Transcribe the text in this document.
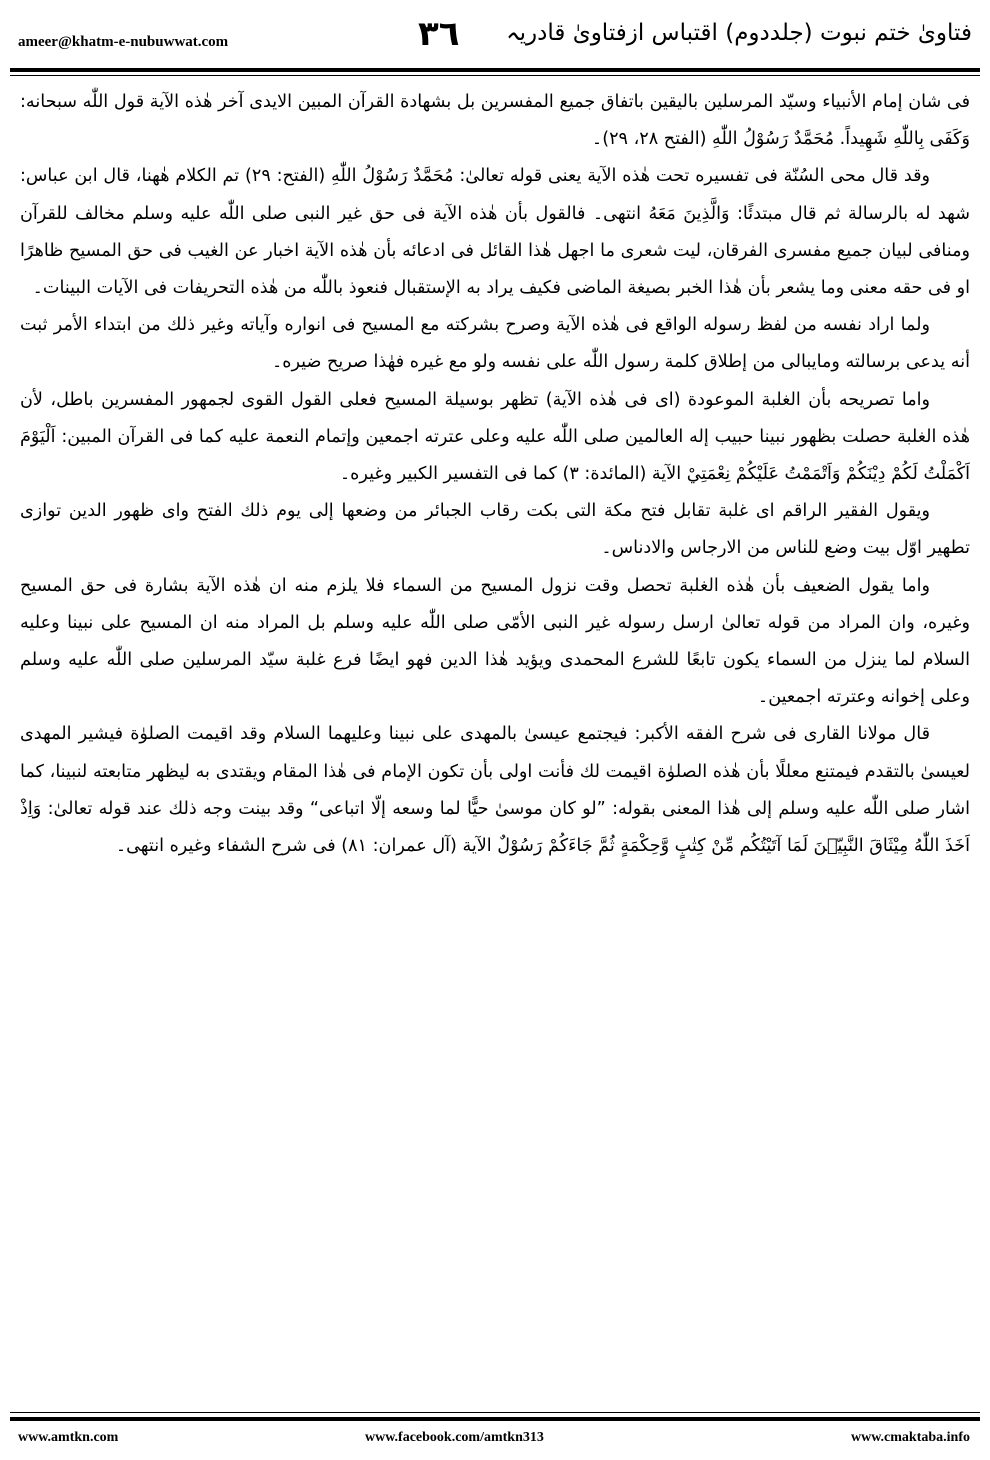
ameer@khatm-e-nubuwwat.com	٣٦ فتاویٰ ختم نبوت (جلددوم) اقتباس ازفتاویٰ قادریہ

فی شان إمام الأنبياء وسيّد المرسلين باليقين باتفاق جميع المفسرين بل بشهادة القرآن المبين الايدى آخر هٰذه الآية قول اللّٰه سبحانه: وَكَفَى بِاللّٰهِ شَهِيداً. مُحَمَّدٌ رَسُوْلُ اللّٰهِ (الفتح ٢٨، ٢٩)۔

وقد قال محى السُنّة فى تفسيره تحت هٰذه الآية يعنى قوله تعالىٰ: مُحَمَّدٌ رَسُوْلُ اللّٰهِ (الفتح: ٢٩) تم الكلام هٰهنا، قال ابن عباس: شهد له بالرسالة ثم قال مبتدئًا: وَالَّذِينَ مَعَهُ انتهى۔ فالقول بأن هٰذه الآية فى حق غير النبى صلى اللّٰه عليه وسلم مخالف للقرآن ومنافى لبيان جميع مفسرى الفرقان، ليت شعرى ما اجهل هٰذا القائل فى ادعائه بأن هٰذه الآية اخبار عن الغيب فى حق المسيح ظاهرًا او فى حقه معنى وما يشعر بأن هٰذا الخبر بصيغة الماضى فكيف يراد به الإستقبال فنعوذ باللّٰه من هٰذه التحريفات فى الآيات البينات۔

ولما اراد نفسه من لفظ رسوله الواقع فى هٰذه الآية وصرح بشركته مع المسيح فى انواره وآياته وغير ذلك من ابتداء الأمر ثبت أنه يدعى برسالته ومايبالى من إطلاق كلمة رسول اللّٰه على نفسه ولو مع غيره فهٰذا صريح ضيره۔

واما تصريحه بأن الغلبة الموعودة (اى فى هٰذه الآية) تظهر بوسيلة المسيح فعلى القول القوى لجمهور المفسرين باطل، لأن هٰذه الغلبة حصلت بظهور نبينا حبيب إله العالمين صلى اللّٰه عليه وعلى عترته اجمعين وإتمام النعمة عليه كما فى القرآن المبين: اَلْيَوْمَ اَكْمَلْتُ لَكُمْ دِيْنَكُمْ وَاَتْمَمْتُ عَلَيْكُمْ نِعْمَتِيْ الآية (المائدة: ٣) كما فى التفسير الكبير وغيره۔

ويقول الفقير الراقم اى غلبة تقابل فتح مكة التى بكت رقاب الجبائر من وضعها إلى يوم ذلك الفتح واى ظهور الدين توازى تطهير اوّل بيت وضع للناس من الارجاس والادناس۔

واما يقول الضعيف بأن هٰذه الغلبة تحصل وقت نزول المسيح من السماء فلا يلزم منه ان هٰذه الآية بشارة فى حق المسيح وغيره، وان المراد من قوله تعالىٰ ارسل رسوله غير النبى الأمّى صلى اللّٰه عليه وسلم بل المراد منه ان المسيح على نبينا وعليه السلام لما ينزل من السماء يكون تابعًا للشرع المحمدى ويؤيد هٰذا الدين فهو ايضًا فرع غلبة سيّد المرسلين صلى اللّٰه عليه وسلم وعلى إخوانه وعترته اجمعين۔

قال مولانا القارى فى شرح الفقه الأكبر: فيجتمع عيسىٰ بالمهدى على نبينا وعليهما السلام وقد اقيمت الصلوٰة فيشير المهدى لعيسىٰ بالتقدم فيمتنع معللًا بأن هٰذه الصلوٰة اقيمت لك فأنت اولى بأن تكون الإمام فى هٰذا المقام ويقتدى به ليظهر متابعته لنبينا، كما اشار صلى اللّٰه عليه وسلم إلى هٰذا المعنى بقوله: ”لو كان موسىٰ حيًّا لما وسعه إلّا اتباعى“ وقد بينت وجه ذلك عند قوله تعالىٰ: وَاِذْ اَخَذَ اللّٰهُ مِيْثَاقَ النَّبِيّٖنَ لَمَا آتَيْتُكُم مِّنْ كِتٰبٍ وَّحِكْمَةٍ ثُمَّ جَاءَكُمْ رَسُوْلٌ الآية (آل عمران: ٨١) فى شرح الشفاء وغيره انتهى۔

www.amtkn.com	www.facebook.com/amtkn313	www.cmaktaba.info
